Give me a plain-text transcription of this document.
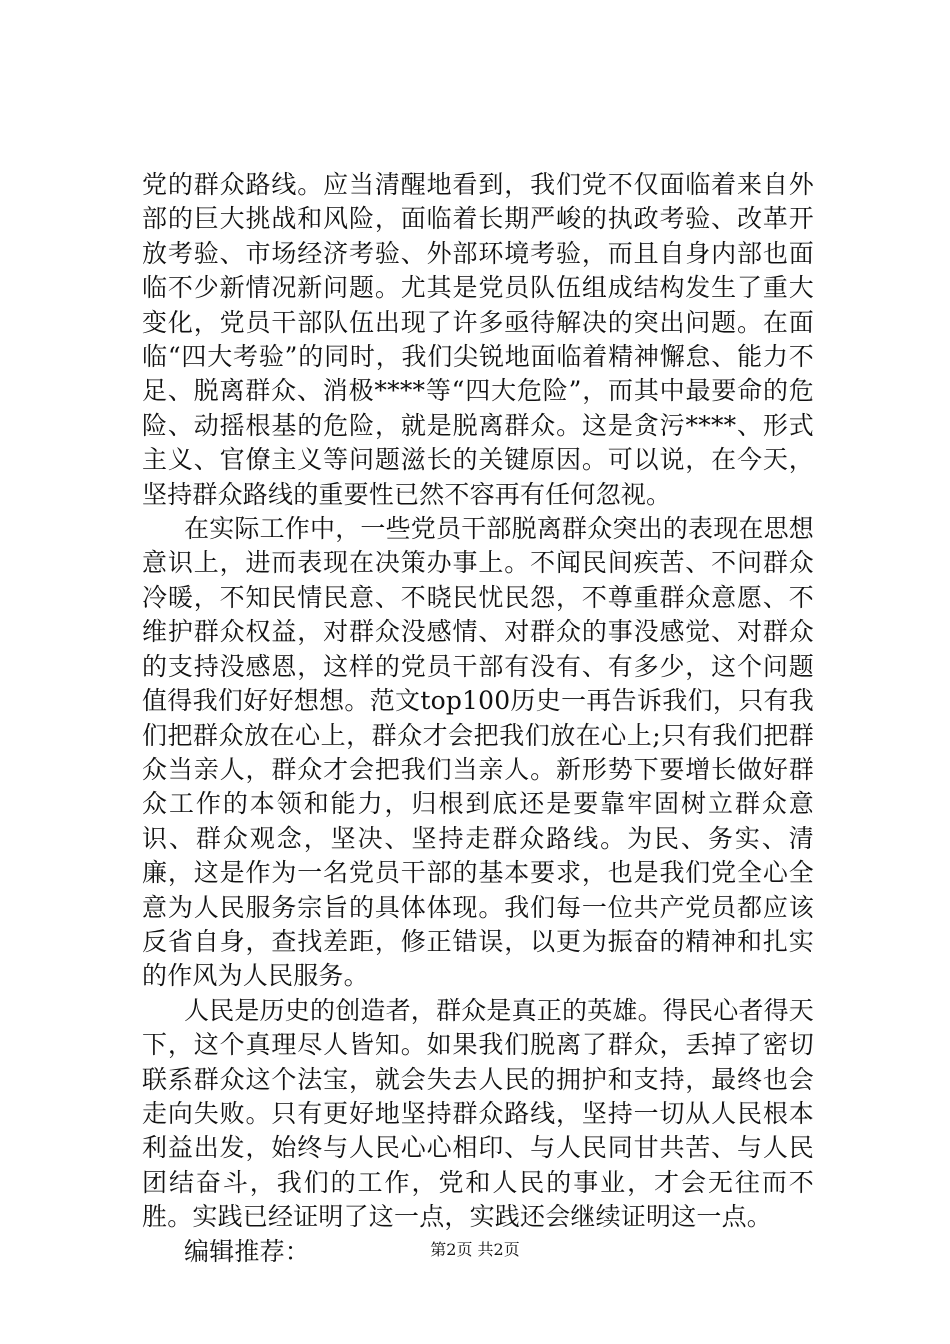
党的群众路线。应当清醒地看到，我们党不仅面临着来自外部的巨大挑战和风险，面临着长期严峻的执政考验、改革开放考验、市场经济考验、外部环境考验，而且自身内部也面临不少新情况新问题。尤其是党员队伍组成结构发生了重大变化，党员干部队伍出现了许多亟待解决的突出问题。在面临“四大考验”的同时，我们尖锐地面临着精神懈怠、能力不足、脱离群众、消极****等“四大危险”，而其中最要命的危险、动摇根基的危险，就是脱离群众。这是贪污****、形式主义、官僚主义等问题滋长的关键原因。可以说，在今天，坚持群众路线的重要性已然不容再有任何忽视。

在实际工作中，一些党员干部脱离群众突出的表现在思想意识上，进而表现在决策办事上。不闻民间疾苦、不问群众冷暖，不知民情民意、不晓民忧民怨，不尊重群众意愿、不维护群众权益，对群众没感情、对群众的事没感觉、对群众的支持没感恩，这样的党员干部有没有、有多少，这个问题值得我们好好想想。范文top100历史一再告诉我们，只有我们把群众放在心上，群众才会把我们放在心上;只有我们把群众当亲人，群众才会把我们当亲人。新形势下要增长做好群众工作的本领和能力，归根到底还是要靠牢固树立群众意识、群众观念，坚决、坚持走群众路线。为民、务实、清廉，这是作为一名党员干部的基本要求，也是我们党全心全意为人民服务宗旨的具体体现。我们每一位共产党员都应该反省自身，查找差距，修正错误，以更为振奋的精神和扎实的作风为人民服务。

人民是历史的创造者，群众是真正的英雄。得民心者得天下，这个真理尽人皆知。如果我们脱离了群众，丢掉了密切联系群众这个法宝，就会失去人民的拥护和支持，最终也会走向失败。只有更好地坚持群众路线，坚持一切从人民根本利益出发，始终与人民心心相印、与人民同甘共苦、与人民团结奋斗，我们的工作，党和人民的事业，才会无往而不胜。实践已经证明了这一点，实践还会继续证明这一点。

编辑推荐：	第2页 共2页
